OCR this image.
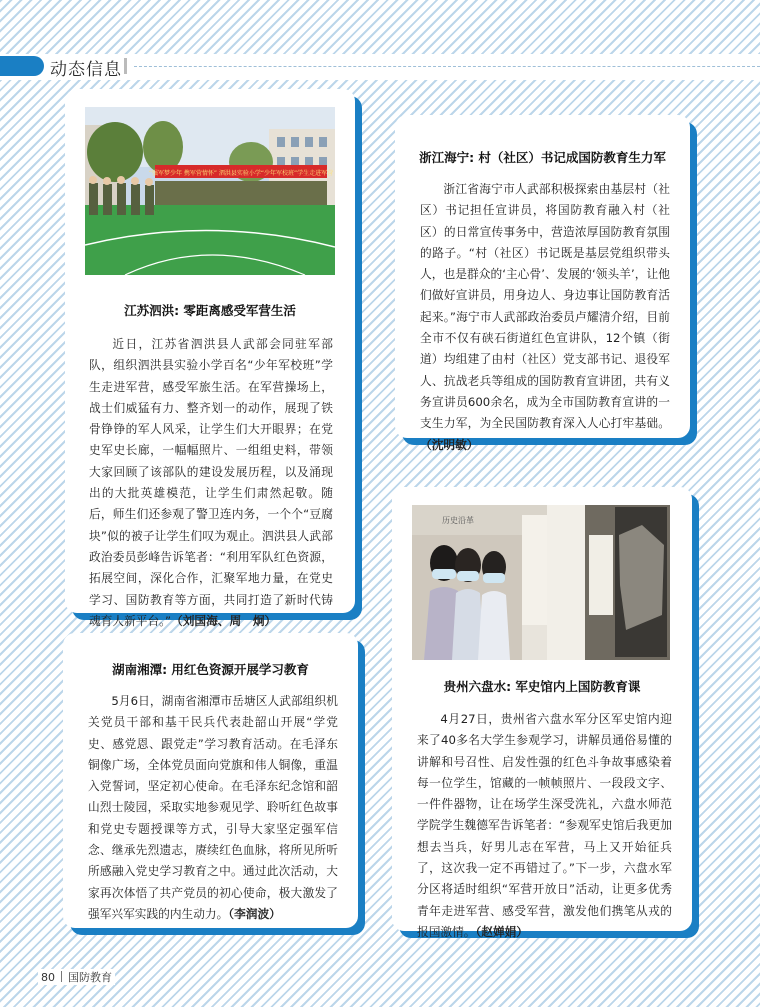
动态信息
“强军梦少年 携军营情怀” 泗洪县实验小学“少年军校班”学生走进军营
江苏泗洪: 零距离感受军营生活

近日，江苏省泗洪县人武部会同驻军部队，组织泗洪县实验小学百名“少年军校班”学生走进军营，感受军旅生活。在军营操场上，战士们威猛有力、整齐划一的动作，展现了铁骨铮铮的军人风采，让学生们大开眼界；在党史军史长廊，一幅幅照片、一组组史料，带领大家回顾了该部队的建设发展历程，以及涌现出的大批英雄模范，让学生们肃然起敬。随后，师生们还参观了警卫连内务，一个个“豆腐块”似的被子让学生们叹为观止。泗洪县人武部政治委员彭峰告诉笔者：“利用军队红色资源，拓展空间，深化合作，汇聚军地力量，在党史学习、国防教育等方面，共同打造了新时代铸魂育人新平台。”（刘国海、周　炯）

浙江海宁: 村（社区）书记成国防教育生力军

浙江省海宁市人武部积极探索由基层村（社区）书记担任宣讲员，将国防教育融入村（社区）的日常宣传事务中，营造浓厚国防教育氛围的路子。“村（社区）书记既是基层党组织带头人，也是群众的‘主心骨’、发展的‘领头羊’，让他们做好宣讲员，用身边人、身边事让国防教育活起来。”海宁市人武部政治委员卢耀清介绍，目前全市不仅有硖石街道红色宣讲队，12个镇（街道）均组建了由村（社区）党支部书记、退役军人、抗战老兵等组成的国防教育宣讲团，共有义务宣讲员600余名，成为全市国防教育宣讲的一支生力军，为全民国防教育深入人心打牢基础。（沈明敏）

湖南湘潭: 用红色资源开展学习教育

5月6日，湖南省湘潭市岳塘区人武部组织机关党员干部和基干民兵代表赴韶山开展“学党史、感党恩、跟党走”学习教育活动。在毛泽东铜像广场，全体党员面向党旗和伟人铜像，重温入党誓词，坚定初心使命。在毛泽东纪念馆和韶山烈士陵园，采取实地参观见学、聆听红色故事和党史专题授课等方式，引导大家坚定强军信念、继承先烈遗志，赓续红色血脉，将所见所听所感融入党史学习教育之中。通过此次活动，大家再次体悟了共产党员的初心使命，极大激发了强军兴军实践的内生动力。（李润波）

历史沿革
贵州六盘水: 军史馆内上国防教育课

4月27日，贵州省六盘水军分区军史馆内迎来了40多名大学生参观学习，讲解员通俗易懂的讲解和号召性、启发性强的红色斗争故事感染着每一位学生，馆藏的一帧帧照片、一段段文字、一件件器物，让在场学生深受洗礼，六盘水师范学院学生魏德军告诉笔者：“参观军史馆后我更加想去当兵，好男儿志在军营，马上又开始征兵了，这次我一定不再错过了。”下一步，六盘水军分区将适时组织“军营开放日”活动，让更多优秀青年走进军营、感受军营，激发他们携笔从戎的报国激情。（赵婵娟）

80 国防教育
